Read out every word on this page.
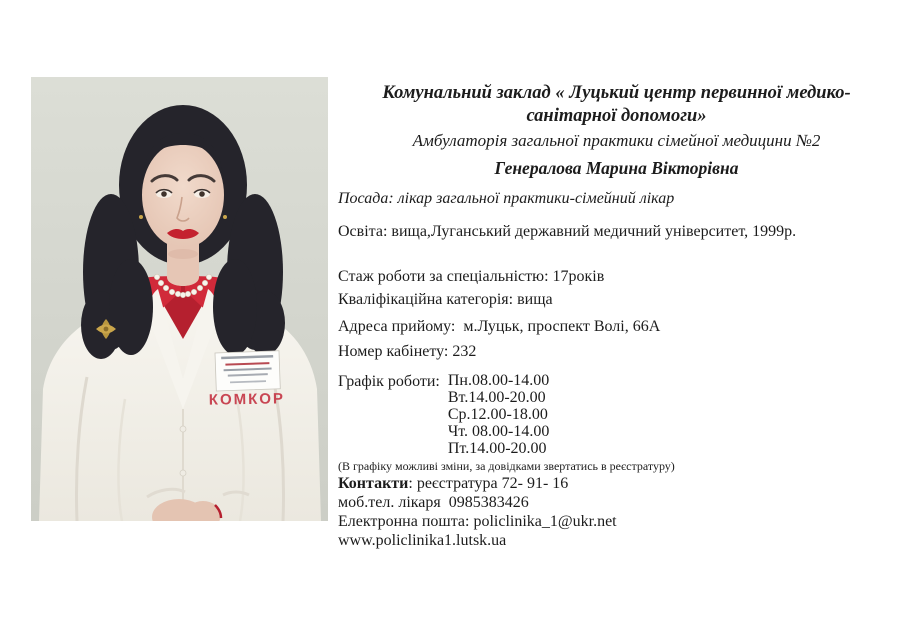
КОМКОР
Комунальний заклад « Луцький центр первинної медико-
санітарної допомоги»
Амбулаторія загальної практики сімейної медицини №2
Генералова Марина Вікторівна
Посада: лікар загальної практики-сімейний лікар
Освіта: вища,Луганський державний медичний університет, 1999р.
Стаж роботи за спеціальністю: 17років
Кваліфікаційна категорія: вища
Адреса прийому:  м.Луцьк, проспект Волі, 66А
Номер кабінету: 232
Графік роботи: Пн.08.00-14.00
Вт.14.00-20.00
Ср.12.00-18.00
Чт. 08.00-14.00
Пт.14.00-20.00
(В графіку можливі зміни, за довідками звертатись в реєстратуру)
Контакти: реєстратура 72- 91- 16
моб.тел. лікаря  0985383426
Електронна пошта: policlinika_1@ukr.net
www.policlinika1.lutsk.ua
